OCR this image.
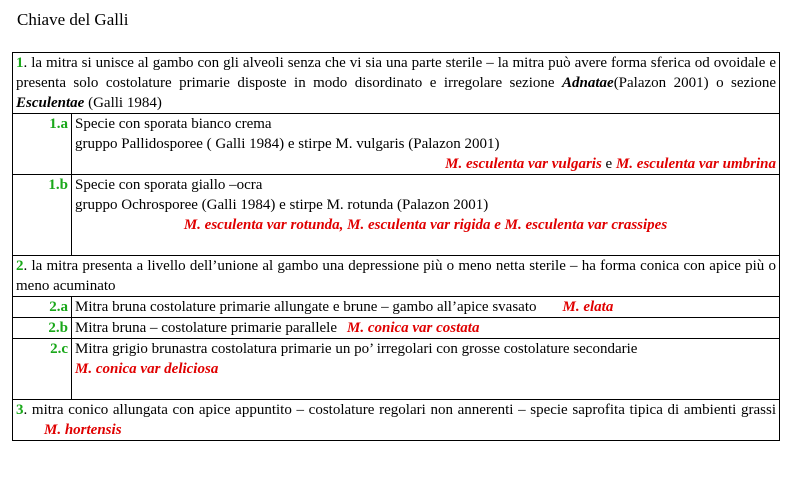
Chiave del Galli
1. la mitra si unisce al gambo con gli alveoli senza che vi sia una parte sterile – la mitra può avere forma sferica od ovoidale e presenta solo costolature primarie disposte in modo disordinato e irregolare sezione Adnatae(Palazon 2001) o sezione Esculentae (Galli 1984)	
1.a	Specie con sporata bianco crema
gruppo Pallidosporee ( Galli 1984) e stirpe M. vulgaris (Palazon 2001)
M. esculenta var vulgaris e M. esculenta var umbrina

1.b	Specie con sporata giallo –ocra
gruppo Ochrosporee (Galli 1984) e stirpe M. rotunda (Palazon 2001)
M. esculenta var rotunda, M. esculenta var rigida e M. esculenta var crassipes

2. la mitra presenta a livello dell’unione al gambo una depressione più o meno netta sterile – ha forma conica con apice più o meno acuminato	
2.a	Mitra bruna costolature primarie allungate e brune – gambo all’apice svasato M. elata
2.b	Mitra bruna – costolature primarie parallele M. conica var costata
2.c	Mitra grigio brunastra costolatura primarie un po’ irregolari con grosse costolature secondarie
M. conica var deliciosa

3. mitra conico allungata con apice appuntito – costolature regolari non annerenti – specie saprofita tipica di ambienti grassiM. hortensis	
